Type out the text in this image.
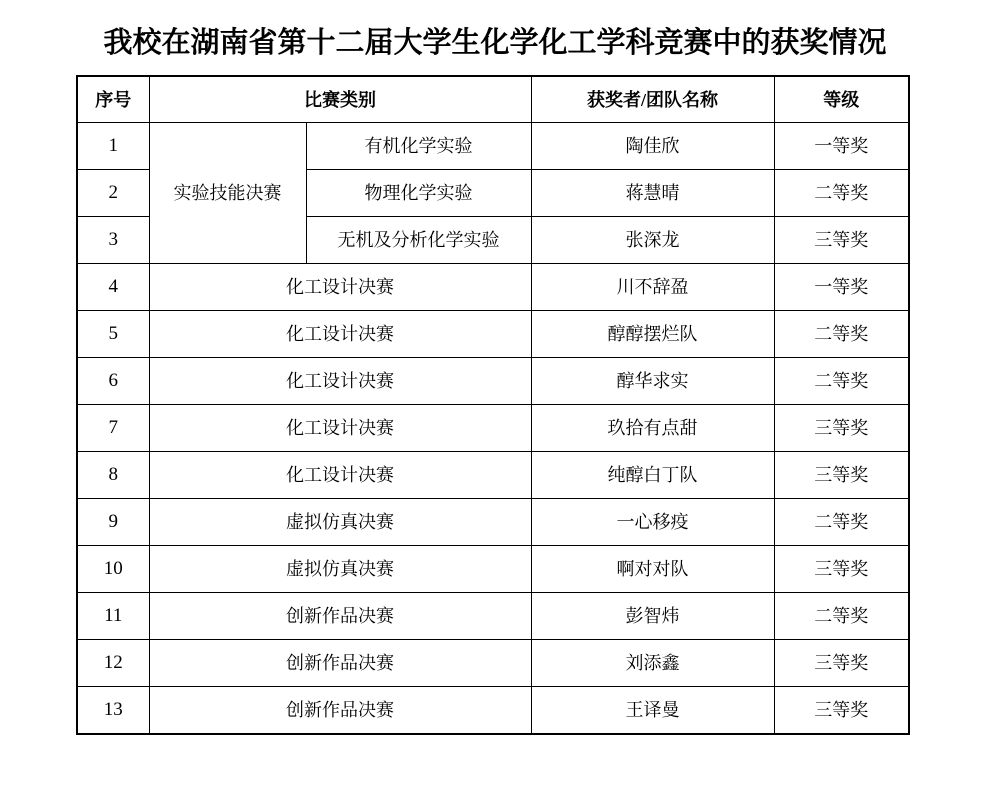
我校在湖南省第十二届大学生化学化工学科竞赛中的获奖情况
序号	比赛类别		获奖者/团队名称	等级
1	实验技能决赛	有机化学实验	陶佳欣	一等奖
2		物理化学实验	蒋慧晴	二等奖
3		无机及分析化学实验	张深龙	三等奖
4	化工设计决赛		川不辞盈	一等奖
5	化工设计决赛		醇醇摆烂队	二等奖
6	化工设计决赛		醇华求实	二等奖
7	化工设计决赛		玖拾有点甜	三等奖
8	化工设计决赛		纯醇白丁队	三等奖
9	虚拟仿真决赛		一心移疫	二等奖
10	虚拟仿真决赛		啊对对队	三等奖
11	创新作品决赛		彭智炜	二等奖
12	创新作品决赛		刘添鑫	三等奖
13	创新作品决赛		王译曼	三等奖
